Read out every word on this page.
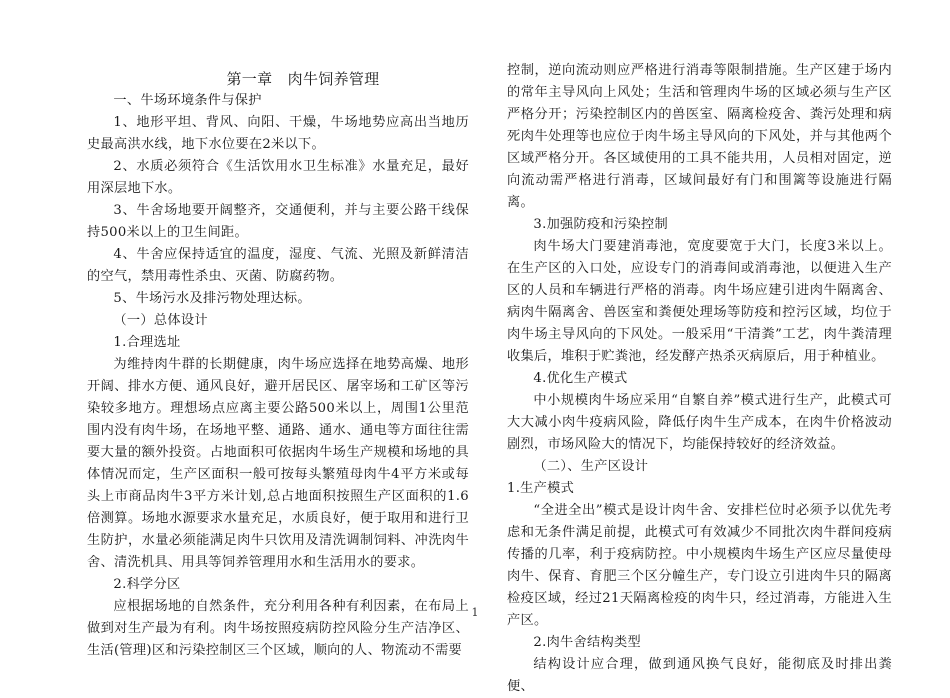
第一章　肉牛饲养管理

一、牛场环境条件与保护

1、地形平坦、背风、向阳、干燥，牛场地势应高出当地历史最高洪水线，地下水位要在2米以下。

2、水质必须符合《生活饮用水卫生标准》水量充足，最好用深层地下水。

3、牛舍场地要开阔整齐，交通便利，并与主要公路干线保持500米以上的卫生间距。

4、牛舍应保持适宜的温度，湿度、气流、光照及新鲜清洁的空气，禁用毒性杀虫、灭菌、防腐药物。

5、牛场污水及排污物处理达标。

（一）总体设计

1.合理选址

为维持肉牛群的长期健康，肉牛场应选择在地势高燥、地形开阔、排水方便、通风良好，避开居民区、屠宰场和工矿区等污染较多地方。理想场点应离主要公路500米以上，周围1公里范围内没有肉牛场，在场地平整、通路、通水、通电等方面往往需要大量的额外投资。占地面积可依据肉牛场生产规模和场地的具体情况而定，生产区面积一般可按每头繁殖母肉牛4平方米或每头上市商品肉牛3平方米计划,总占地面积按照生产区面积的1.6倍测算。场地水源要求水量充足，水质良好，便于取用和进行卫生防护，水量必须能满足肉牛只饮用及清洗调制饲料、冲洗肉牛舍、清洗机具、用具等饲养管理用水和生活用水的要求。

2.科学分区

应根据场地的自然条件，充分利用各种有利因素，在布局上做到对生产最为有利。肉牛场按照疫病防控风险分生产洁净区、生活(管理)区和污染控制区三个区域，顺向的人、物流动不需要

控制，逆向流动则应严格进行消毒等限制措施。生产区建于场内的常年主导风向上风处；生活和管理肉牛场的区域必须与生产区严格分开；污染控制区内的兽医室、隔离检疫舍、粪污处理和病死肉牛处理等也应位于肉牛场主导风向的下风处，并与其他两个区域严格分开。各区域使用的工具不能共用，人员相对固定，逆向流动需严格进行消毒，区域间最好有门和围篱等设施进行隔离。

3.加强防疫和污染控制

肉牛场大门要建消毒池，宽度要宽于大门，长度3米以上。在生产区的入口处，应设专门的消毒间或消毒池，以便进入生产区的人员和车辆进行严格的消毒。肉牛场应建引进肉牛隔离舍、病肉牛隔离舍、兽医室和粪便处理场等防疫和控污区域，均位于肉牛场主导风向的下风处。一般采用“干清粪”工艺，肉牛粪清理收集后，堆积于贮粪池，经发酵产热杀灭病原后，用于种植业。

4.优化生产模式

中小规模肉牛场应采用“自繁自养”模式进行生产，此模式可大大减小肉牛疫病风险，降低仔肉牛生产成本，在肉牛价格波动剧烈，市场风险大的情况下，均能保持较好的经济效益。

（二）、生产区设计

1.生产模式

“全进全出”模式是设计肉牛舍、安排栏位时必须予以优先考虑和无条件满足前提，此模式可有效减少不同批次肉牛群间疫病传播的几率，利于疫病防控。中小规模肉牛场生产区应尽量使母肉牛、保育、育肥三个区分幢生产，专门设立引进肉牛只的隔离检疫区域，经过21天隔离检疫的肉牛只，经过消毒，方能进入生产区。

2.肉牛舍结构类型

结构设计应合理，做到通风换气良好，能彻底及时排出粪便、

1
